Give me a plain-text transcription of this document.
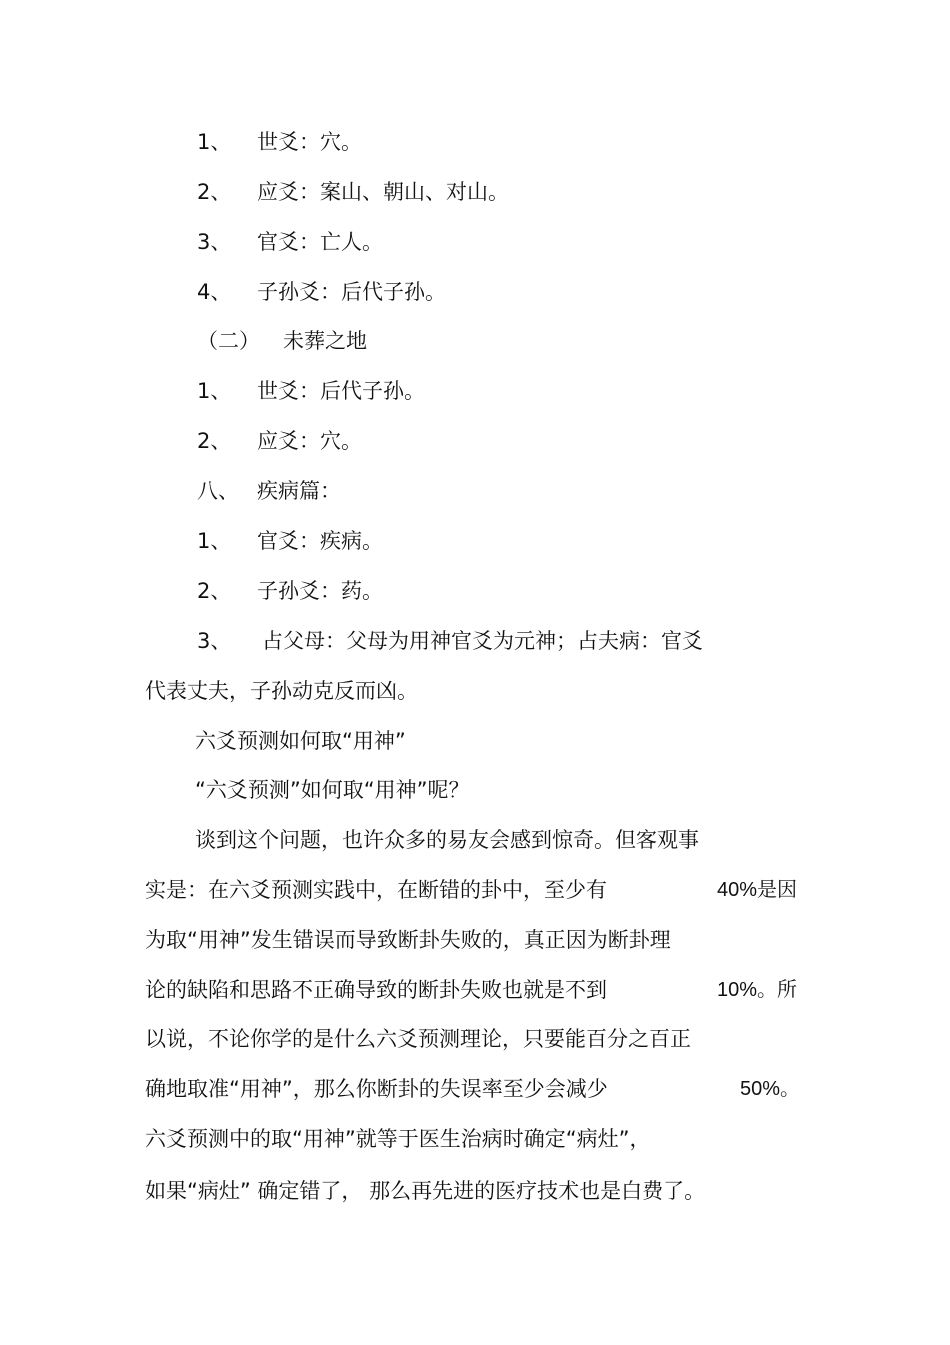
1、 世爻：穴。
2、 应爻：案山、朝山、对山。
3、 官爻：亡人。
4、 子孙爻：后代子孙。
（二） 未葬之地
1、 世爻：后代子孙。
2、 应爻：穴。
八、 疾病篇：
1、 官爻：疾病。
2、 子孙爻：药。
3、 占父母：父母为用神官爻为元神；占夫病：官爻
代表丈夫，子孙动克反而凶。
六爻预测如何取“用神”
“六爻预测”如何取“用神”呢？
谈到这个问题，也许众多的易友会感到惊奇。但客观事
实是：在六爻预测实践中，在断错的卦中，至少有	40%是因
为取“用神”发生错误而导致断卦失败的，真正因为断卦理
论的缺陷和思路不正确导致的断卦失败也就是不到	10%。所
以说，不论你学的是什么六爻预测理论，只要能百分之百正
确地取准“用神”，那么你断卦的失误率至少会减少	50%。
六爻预测中的取“用神”就等于医生治病时确定“病灶”，
如果“病灶” 确定错了， 那么再先进的医疗技术也是白费了。
